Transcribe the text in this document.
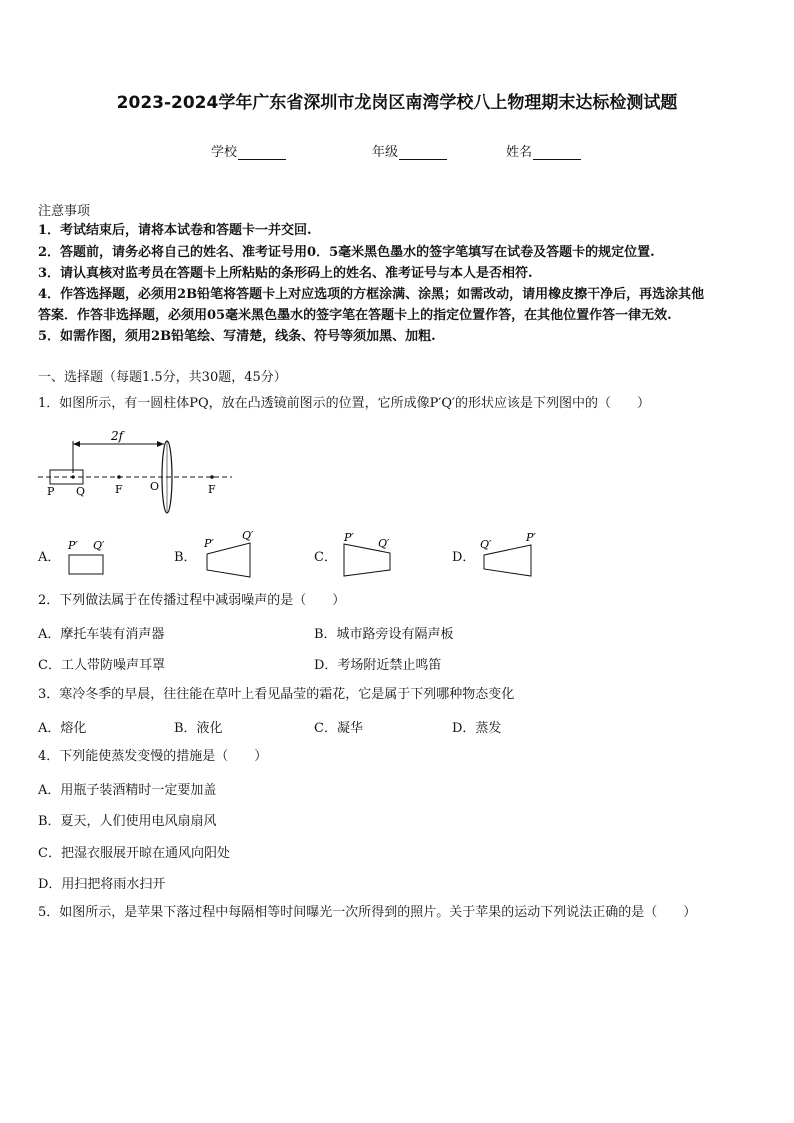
2023-2024学年广东省深圳市龙岗区南湾学校八上物理期末达标检测试题
学校	年级	姓名
注意事项
1．考试结束后，请将本试卷和答题卡一并交回.
2．答题前，请务必将自己的姓名、准考证号用0．5毫米黑色墨水的签字笔填写在试卷及答题卡的规定位置.
3．请认真核对监考员在答题卡上所粘贴的条形码上的姓名、准考证号与本人是否相符.
4．作答选择题，必须用2B铅笔将答题卡上对应选项的方框涂满、涂黑；如需改动，请用橡皮擦干净后，再选涂其他
答案．作答非选择题，必须用05毫米黑色墨水的签字笔在答题卡上的指定位置作答，在其他位置作答一律无效.
5．如需作图，须用2B铅笔绘、写清楚，线条、符号等须加黑、加粗.
一、选择题（每题1.5分，共30题，45分）
1．如图所示，有一圆柱体PQ，放在凸透镜前图示的位置，它所成像P′Q′的形状应该是下列图中的（　　）
2f
P Q	F O	F
A．
P′ Q′
B．
P′
Q′
C．
P′ Q′
D．
Q′
P′
2．下列做法属于在传播过程中减弱噪声的是（　　）
A．摩托车装有消声器	B．城市路旁设有隔声板
C．工人带防噪声耳罩	D．考场附近禁止鸣笛
3．寒冷冬季的早晨，往往能在草叶上看见晶莹的霜花，它是属于下列哪种物态变化
A．熔化	B．液化	C．凝华	D．蒸发
4．下列能使蒸发变慢的措施是（　　）
A．用瓶子装酒精时一定要加盖
B．夏天，人们使用电风扇扇风
C．把湿衣服展开晾在通风向阳处
D．用扫把将雨水扫开
5．如图所示，是苹果下落过程中每隔相等时间曝光一次所得到的照片。关于苹果的运动下列说法正确的是（　　）
